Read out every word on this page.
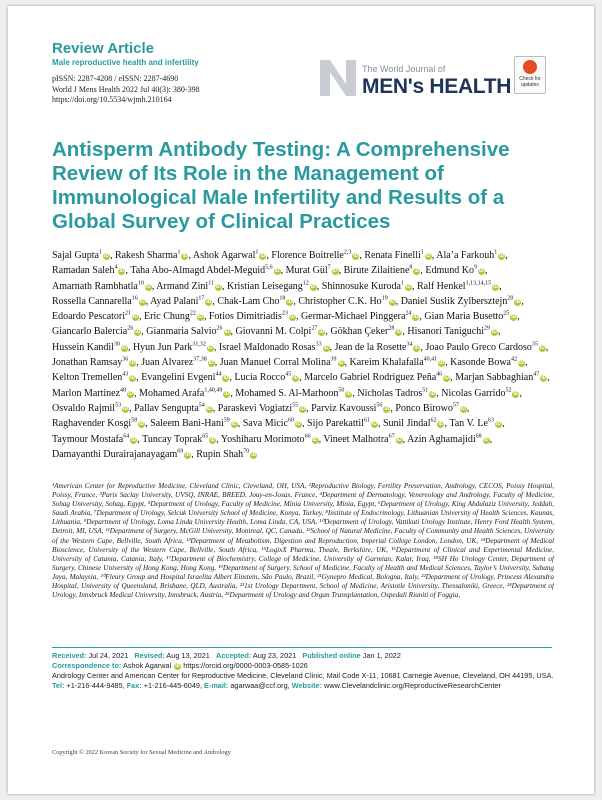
Review Article
Male reproductive health and infertility
pISSN: 2287-4208 / eISSN: 2287-4690
World J Mens Health 2022 Jul 40(3): 380-398
https://doi.org/10.5534/wjmh.210164
The World Journal of
MEN's HEALTH	Check for updates
Antisperm Antibody Testing: A Comprehensive Review of Its Role in the Management of Immunological Male Infertility and Results of a Global Survey of Clinical Practices
Sajal Gupta$^1$iD, Rakesh Sharma$^1$iD, Ashok Agarwal$^1$iD, Florence Boitrelle$^{2,3}$iD, Renata Finelli$^1$iD, Ala’a Farkouh$^1$iD, Ramadan Saleh$^4$iD, Taha Abo-Almagd Abdel-Meguid$^{5,6}$iD, Murat Gül$^7$iD, Birute Zilaitiene$^8$iD, Edmund Ko$^9$iD, Amarnath Rambhatla$^{10}$iD, Armand Zini$^{11}$iD, Kristian Leisegang$^{12}$iD, Shinnosuke Kuroda$^1$iD, Ralf Henkel$^{1,13,14,15}$iD, Rossella Cannarella$^{16}$iD, Ayad Palani$^{17}$iD, Chak-Lam Cho$^{18}$iD, Christopher C.K. Ho$^{19}$iD, Daniel Suslik Zylberszteјn$^{20}$iD, Edoardo Pescatori$^{21}$iD, Eric Chung$^{22}$iD, Fotios Dimitriadis$^{23}$iD, Germar-Michael Pinggera$^{24}$iD, Gian Maria Busetto$^{25}$iD, Giancarlo Balercia$^{26}$iD, Gianmaria Salvio$^{26}$iD, Giovanni M. Colpi$^{27}$iD, Gökhan Çeker$^{28}$iD, Hisanori Taniguchi$^{29}$iD, Hussein Kandil$^{30}$iD, Hyun Jun Park$^{31,32}$iD, Israel Maldonado Rosas$^{33}$iD, Jean de la Rosette$^{34}$iD, Joao Paulo Greco Cardoso$^{35}$iD, Jonathan Ramsay$^{36}$iD, Juan Alvarez$^{37,38}$iD, Juan Manuel Corral Molina$^{39}$iD, Kareim Khalafalla$^{40,41}$iD, Kasonde Bowa$^{42}$iD, Kelton Tremellen$^{43}$iD, Evangelini Evgeni$^{44}$iD, Lucia Rocco$^{45}$iD, Marcelo Gabriel Rodriguez Peña$^{46}$iD, Marjan Sabbaghian$^{47}$iD, Marlon Martinez$^{48}$iD, Mohamed Arafa$^{1,40,49}$iD, Mohamed S. Al-Marhoon$^{50}$iD, Nicholas Tadros$^{51}$iD, Nicolas Garrido$^{52}$iD, Osvaldo Rajmil$^{53}$iD, Pallav Sengupta$^{54}$iD, Paraskevi Vogiatzi$^{55}$iD, Parviz Kavoussi$^{56}$iD, Ponco Birowo$^{57}$iD, Raghavender Kosgi$^{58}$iD, Saleem Bani-Hani$^{59}$iD, Sava Micic$^{60}$iD, Sijo Parekattil$^{61}$iD, Sunil Jindal$^{62}$iD, Tan V. Le$^{63}$iD, Taymour Mostafa$^{64}$iD, Tuncay Toprak$^{65}$iD, Yoshiharu Morimoto$^{66}$iD, Vineet Malhotra$^{67}$iD, Azin Aghamajidi$^{68}$iD, Damayanthi Durairajanayagam$^{69}$iD, Rupin Shah$^{70}$iD
¹American Center for Reproductive Medicine, Cleveland Clinic, Cleveland, OH, USA, ²Reproductive Biology, Fertility Preservation, Andrology, CECOS, Poissy Hospital, Poissy, France, ³Paris Saclay University, UVSQ, INRAE, BREED, Jouy-en-Josas, France, ⁴Department of Dermatology, Venereology and Andrology, Faculty of Medicine, Sohag University, Sohag, Egypt, ⁵Department of Urology, Faculty of Medicine, Minia University, Minia, Egypt, ⁶Department of Urology, King Abdulaziz University, Jeddah, Saudi Arabia, ⁷Department of Urology, Selcuk University School of Medicine, Konya, Turkey, ⁸Institute of Endocrinology, Lithuanian University of Health Sciences, Kaunas, Lithuania, ⁹Department of Urology, Loma Linda University Health, Loma Linda, CA, USA, ¹⁰Department of Urology, Vattikuti Urology Institute, Henry Ford Health System, Detroit, MI, USA, ¹¹Department of Surgery, McGill University, Montreal, QC, Canada, ¹²School of Natural Medicine, Faculty of Community and Health Sciences, University of the Western Cape, Bellville, South Africa, ¹³Department of Metabolism, Digestion and Reproduction, Imperial College London, London, UK, ¹⁴Department of Medical Bioscience, University of the Western Cape, Bellville, South Africa, ¹⁵LogixX Pharma, Theale, Berkshire, UK, ¹⁶Department of Clinical and Experimental Medicine, University of Catania, Catania, Italy, ¹⁷Department of Biochemistry, College of Medicine, University of Garmian, Kalar, Iraq, ¹⁸SH Ho Urology Center, Department of Surgery, Chinese University of Hong Kong, Hong Kong, ¹⁹Department of Surgery, School of Medicine, Faculty of Health and Medical Sciences, Taylor’s University, Subang Jaya, Malaysia, ²⁰Fleury Group and Hospital Israelita Albert Einstein, São Paulo, Brazil, ²¹Gynepro Medical, Bologna, Italy, ²²Department of Urology, Princess Alexandra Hospital, University of Queensland, Brisbane, QLD, Australia, ²³1st Urology Department, School of Medicine, Aristotle University, Thessaloniki, Greece, ²⁴Department of Urology, Innsbruck Medical University, Innsbruck, Austria, ²⁵Department of Urology and Organ Transplantation, Ospedali Riuniti of Foggia,
Received: Jul 24, 2021 Revised: Aug 13, 2021 Accepted: Aug 23, 2021 Published online Jan 1, 2022
Correspondence to: Ashok Agarwal iD https://orcid.org/0000-0003-0585-1026
Andrology Center and American Center for Reproductive Medicine, Cleveland Clinic, Mail Code X-11, 10681 Carnegie Avenue, Cleveland, OH 44195, USA.
Tel: +1-216-444-9485, Fax: +1-216-445-6049, E-mail: agarwaa@ccf.org, Website: www.Clevelandclinic.org/ReproductiveResearchCenter
Copyright © 2022 Korean Society for Sexual Medicine and Andrology
